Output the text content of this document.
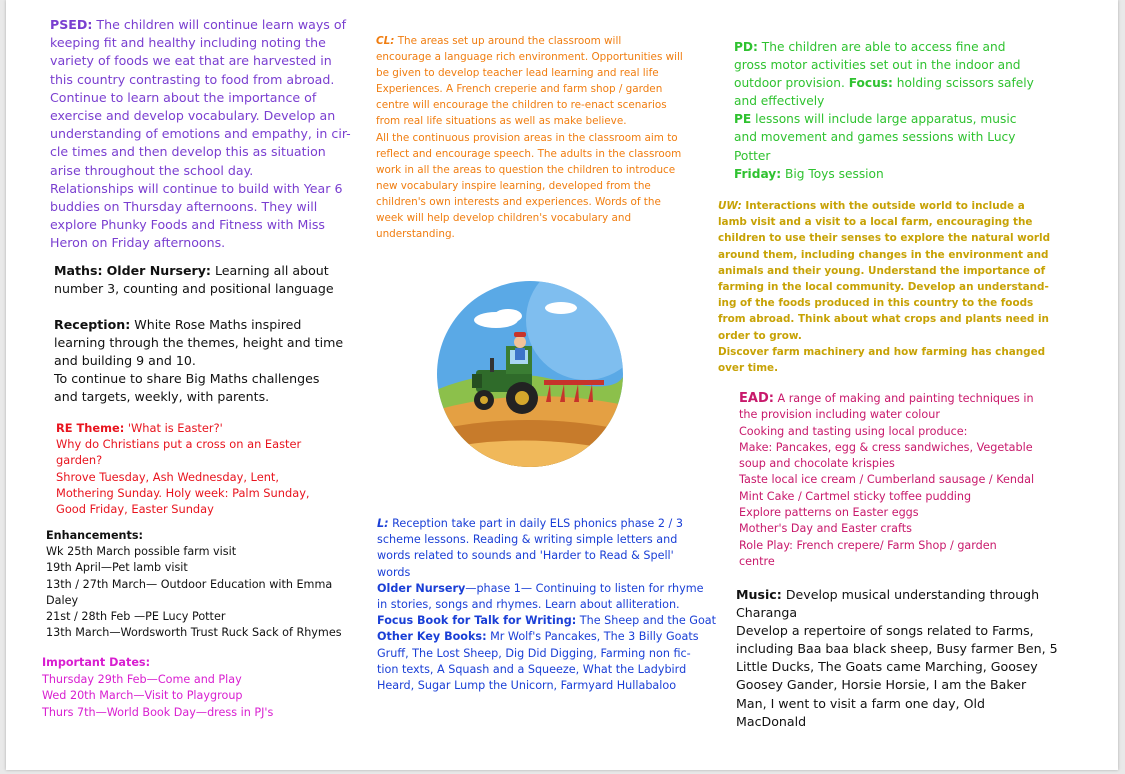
PSED: The children will continue learn ways of
keeping fit and healthy including noting the
variety of foods we eat that are harvested in
this country contrasting to food from abroad.
Continue to learn about the importance of
exercise and develop vocabulary. Develop an
understanding of emotions and empathy, in cir-
cle times and then develop this as situation
arise throughout the school day.
Relationships will continue to build with Year 6
buddies on Thursday afternoons. They will
explore Phunky Foods and Fitness with Miss
Heron on Friday afternoons.
Maths: Older Nursery: Learning all about
number 3, counting and positional language
Reception: White Rose Maths inspired
learning through the themes, height and time
and building 9 and 10.
To continue to share Big Maths challenges
and targets, weekly, with parents.
RE Theme: 'What is Easter?'
Why do Christians put a cross on an Easter
garden?
Shrove Tuesday, Ash Wednesday, Lent,
Mothering Sunday. Holy week: Palm Sunday,
Good Friday, Easter Sunday
Enhancements:
Wk 25th March possible farm visit
19th April—Pet lamb visit
13th / 27th March— Outdoor Education with Emma
Daley
21st / 28th Feb —PE Lucy Potter
13th March—Wordsworth Trust Ruck Sack of Rhymes
Important Dates:
Thursday 29th Feb—Come and Play
Wed 20th March—Visit to Playgroup
Thurs 7th—World Book Day—dress in PJ's
CL: The areas set up around the classroom will
encourage a language rich environment. Opportunities will
be given to develop teacher lead learning and real life
Experiences. A French creperie and farm shop / garden
centre will encourage the children to re-enact scenarios
from real life situations as well as make believe.
All the continuous provision areas in the classroom aim to
reflect and encourage speech. The adults in the classroom
work in all the areas to question the children to introduce
new vocabulary inspire learning, developed from the
children's own interests and experiences. Words of the
week will help develop children's vocabulary and
understanding.
L: Reception take part in daily ELS phonics phase 2 / 3
scheme lessons. Reading & writing simple letters and
words related to sounds and 'Harder to Read & Spell'
words
Older Nursery—phase 1— Continuing to listen for rhyme
in stories, songs and rhymes. Learn about alliteration.
Focus Book for Talk for Writing: The Sheep and the Goat
Other Key Books: Mr Wolf's Pancakes, The 3 Billy Goats
Gruff, The Lost Sheep, Dig Did Digging, Farming non fic-
tion texts, A Squash and a Squeeze, What the Ladybird
Heard, Sugar Lump the Unicorn, Farmyard Hullabaloo
PD: The children are able to access fine and
gross motor activities set out in the indoor and
outdoor provision. Focus: holding scissors safely
and effectively
PE lessons will include large apparatus, music
and movement and games sessions with Lucy
Potter
Friday: Big Toys session
UW: Interactions with the outside world to include a
lamb visit and a visit to a local farm, encouraging the
children to use their senses to explore the natural world
around them, including changes in the environment and
animals and their young. Understand the importance of
farming in the local community. Develop an understand-
ing of the foods produced in this country to the foods
from abroad. Think about what crops and plants need in
order to grow.
Discover farm machinery and how farming has changed
over time.
EAD: A range of making and painting techniques in
the provision including water colour
Cooking and tasting using local produce:
Make: Pancakes, egg & cress sandwiches, Vegetable
soup and chocolate krispies
Taste local ice cream / Cumberland sausage / Kendal
Mint Cake / Cartmel sticky toffee pudding
Explore patterns on Easter eggs
Mother's Day and Easter crafts
Role Play: French crepere/ Farm Shop / garden
centre
Music: Develop musical understanding through
Charanga
Develop a repertoire of songs related to Farms,
including Baa baa black sheep, Busy farmer Ben, 5
Little Ducks, The Goats came Marching, Goosey
Goosey Gander, Horsie Horsie, I am the Baker
Man, I went to visit a farm one day, Old
MacDonald
